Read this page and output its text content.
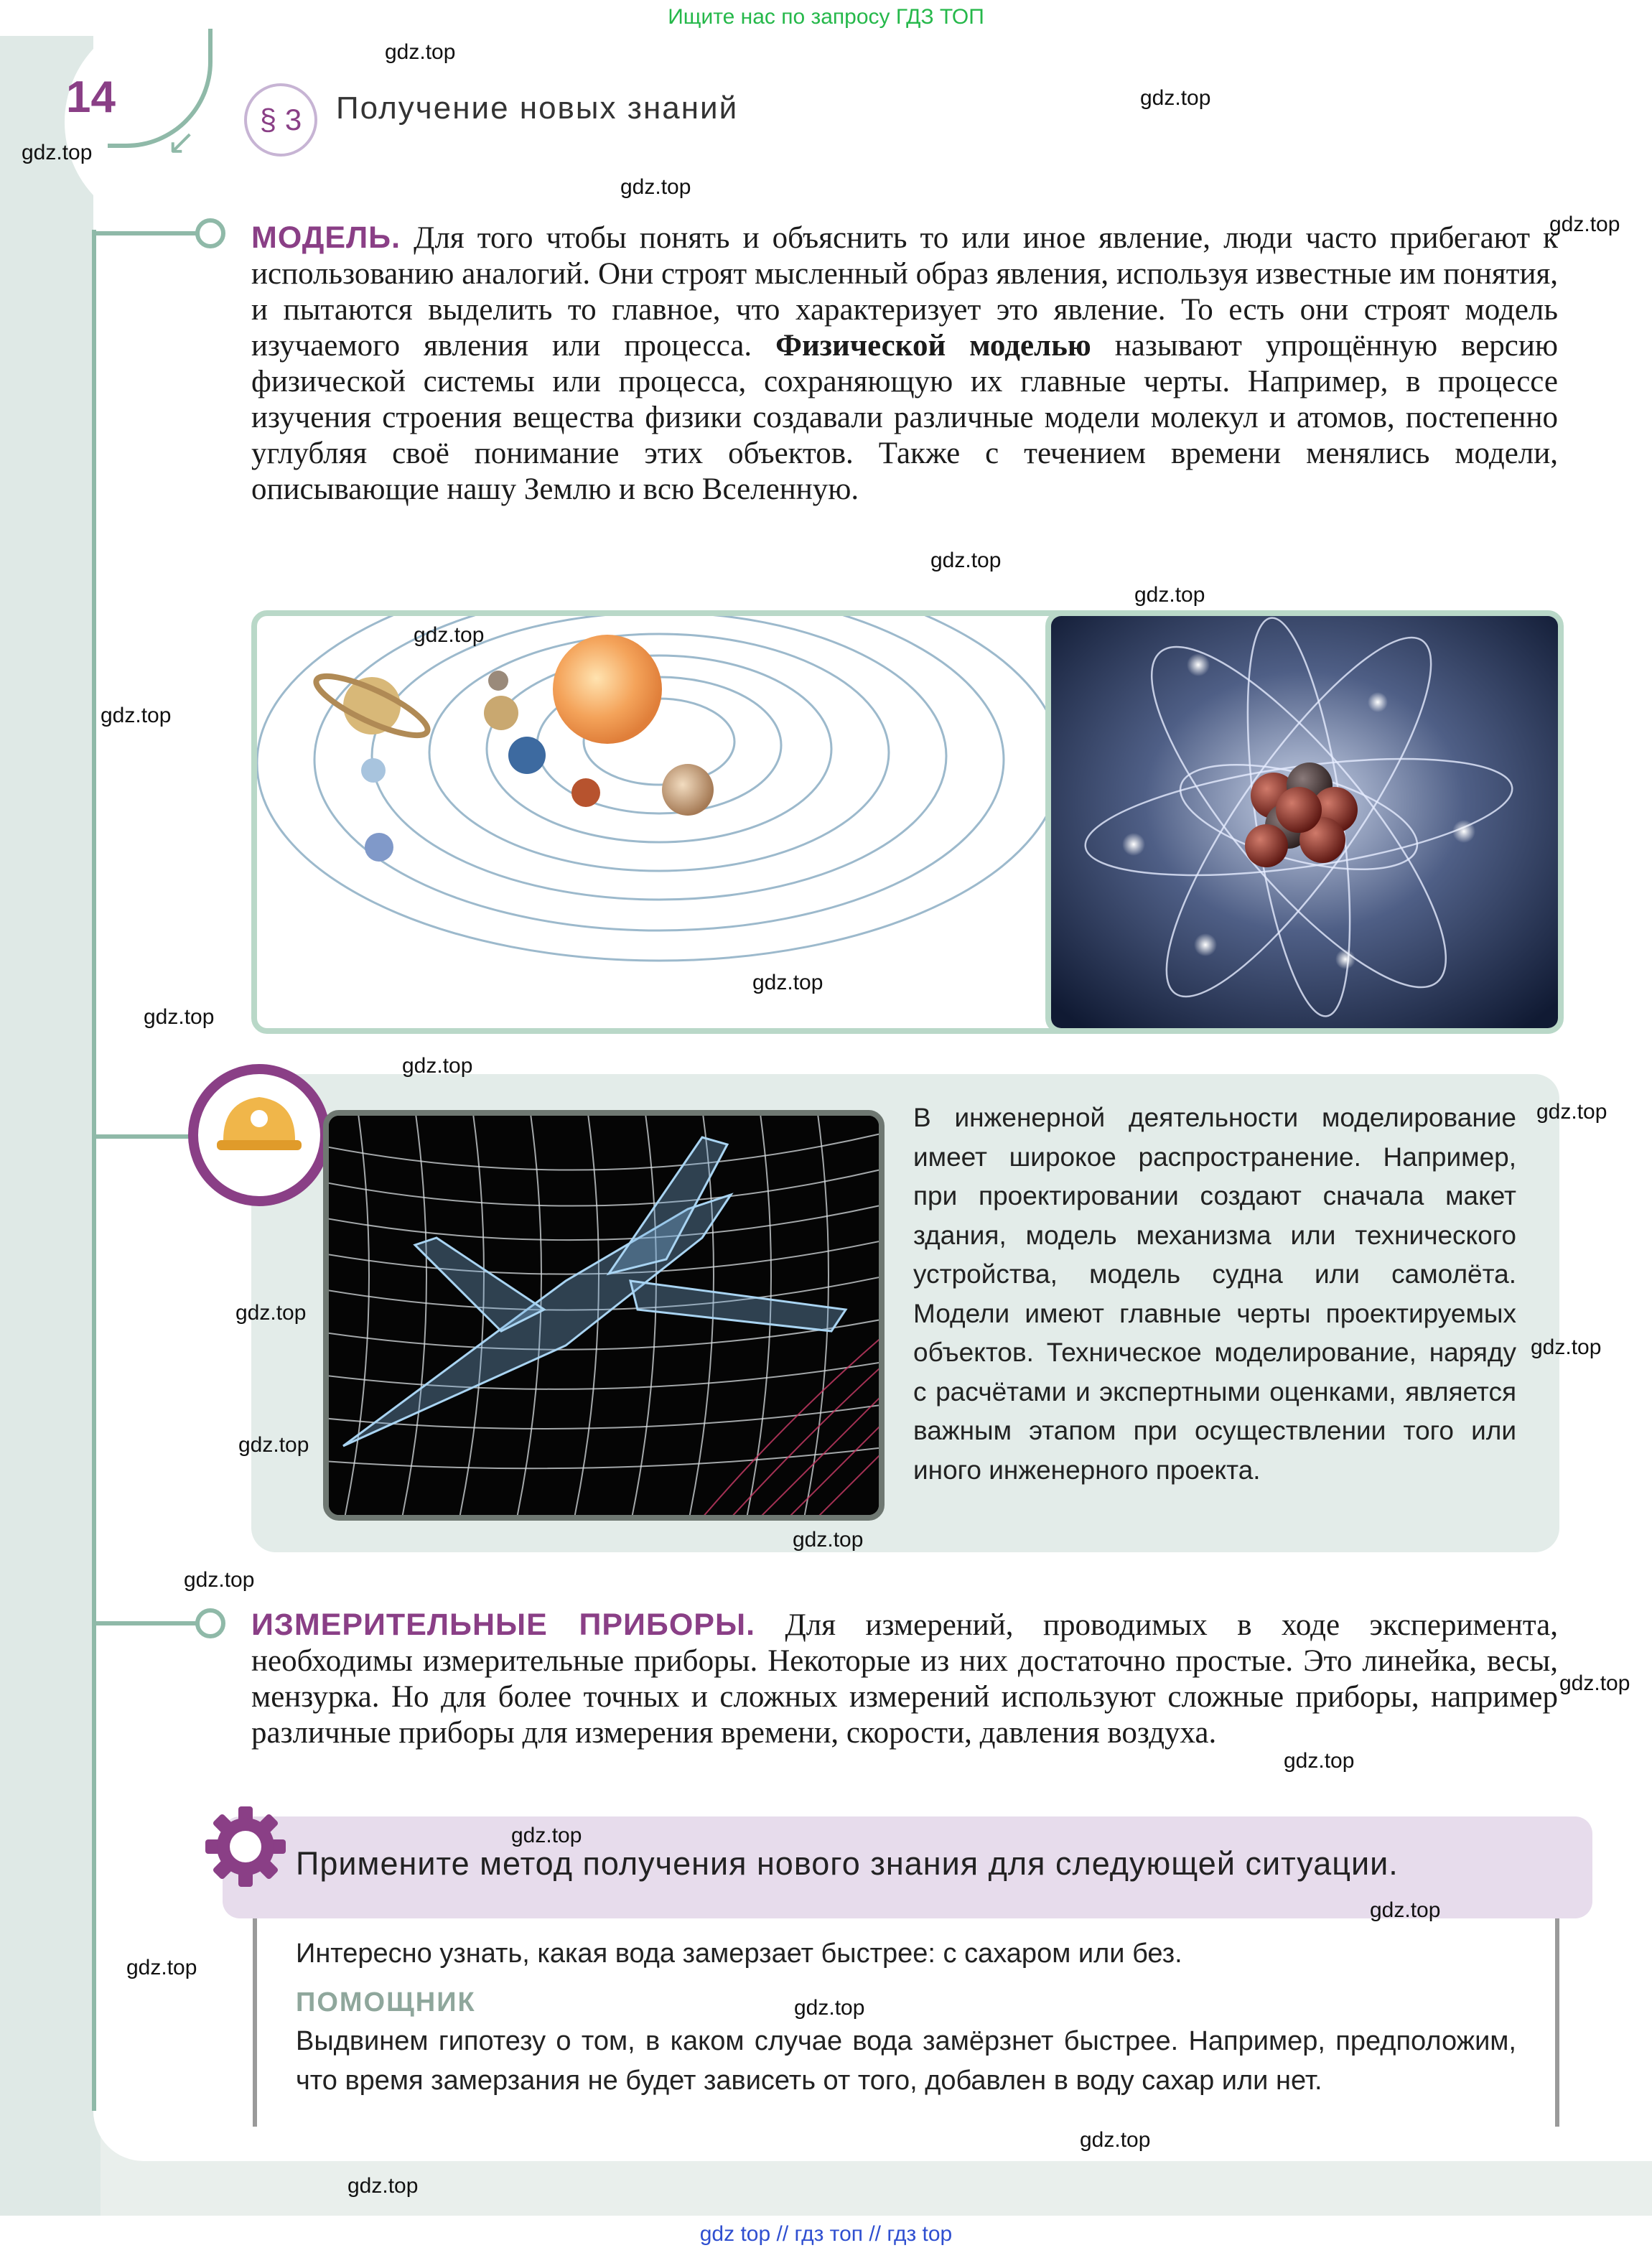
Ищите нас по запросу ГДЗ ТОП
14
↙
§ 3	Получение новых знаний

МОДЕЛЬ. Для того чтобы понять и объяснить то или иное явление, люди часто прибегают к использованию аналогий. Они строят мысленный образ явления, используя известные им понятия, и пытаются выделить то главное, что характеризует это явление. То есть они строят модель изучаемого явления или процесса. Физической моделью называют упрощённую версию физической системы или процесса, сохраняющую их главные черты. Например, в процессе изучения строения вещества физики создавали различные модели молекул и атомов, постепенно углубляя своё понимание этих объектов. Также с течением времени менялись модели, описывающие нашу Землю и всю Вселенную.

В инженерной деятельности моделирование имеет широкое распространение. Например, при проектировании создают сначала макет здания, модель механизма или технического устройства, модель судна или самолёта. Модели имеют главные черты проектируемых объектов. Техническое моделирование, наряду с расчётами и экспертными оценками, является важным этапом при осуществлении того или иного инженерного проекта.

ИЗМЕРИТЕЛЬНЫЕ ПРИБОРЫ. Для измерений, проводимых в ходе эксперимента, необходимы измерительные приборы. Некоторые из них достаточно простые. Это линейка, весы, мензурка. Но для более точных и сложных измерений используют сложные приборы, например различные приборы для измерения времени, скорости, давления воздуха.

Примените метод получения нового знания для следующей ситуации.

Интересно узнать, какая вода замерзает быстрее: с сахаром или без.

ПОМОЩНИК

Выдвинем гипотезу о том, в каком случае вода замёрзнет быстрее. Например, предположим, что время замерзания не будет зависеть от того, добавлен в воду сахар или нет.

gdz.top
gdz.top
gdz.top
gdz.top
gdz.top
gdz.top
gdz.top
gdz.top
gdz.top
gdz.top
gdz.top
gdz.top
gdz.top
gdz.top
gdz.top
gdz.top
gdz.top
gdz.top
gdz.top
gdz.top
gdz.top
gdz.top
gdz.top
gdz.top
gdz.top
gdz.top
gdz top // гдз топ // гдз top
